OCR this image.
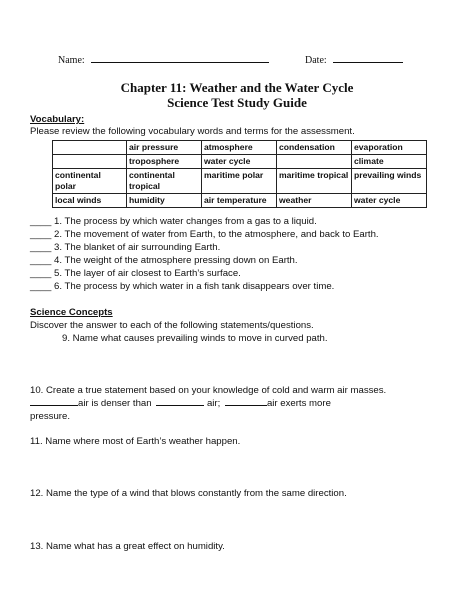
Name:	Date:
Chapter 11: Weather and the Water Cycle
Science Test Study Guide
Vocabulary:
Please review the following vocabulary words and terms for the assessment.
	air pressure	atmosphere	condensation	evaporation
	troposphere	water cycle		climate
continental polar	continental tropical	maritime polar	maritime tropical	prevailing winds
local winds	humidity	air temperature	weather	water cycle
____ 1. The process by which water changes from a gas to a liquid.
____ 2. The movement of water from Earth, to the atmosphere, and back to Earth.
____ 3. The blanket of air surrounding Earth.
____ 4. The weight of the atmosphere pressing down on Earth.
____ 5. The layer of air closest to Earth’s surface.
____ 6. The process by which water in a fish tank disappears over time.
Science Concepts
Discover the answer to each of the following statements/questions.
9. Name what causes prevailing winds to move in curved path.
10. Create a true statement based on your knowledge of cold and warm air masses.
air is denser than	air;	air exerts more
pressure.
11. Name where most of Earth’s weather happen.
12. Name the type of a wind that blows constantly from the same direction.
13. Name what has a great effect on humidity.
